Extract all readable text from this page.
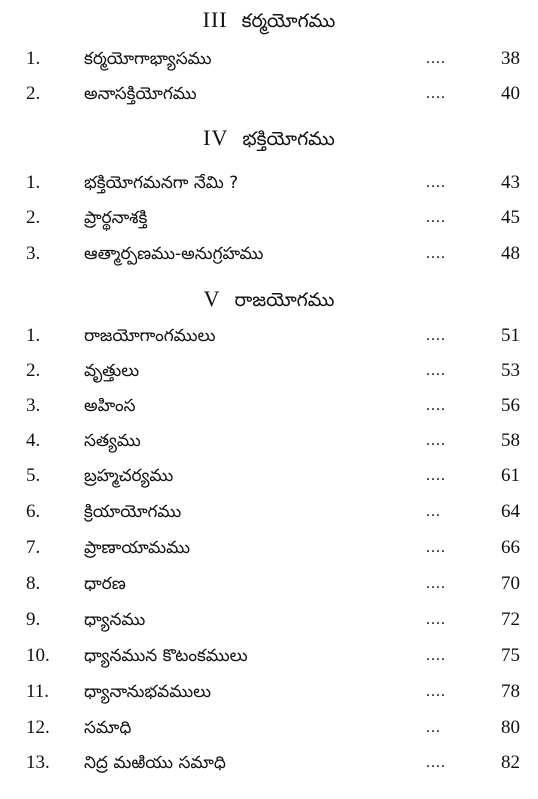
III కర్మయోగము
1.	కర్మయోగాభ్యాసము	....	38
2.	అనాసక్తియోగము	....	40
IV భక్తియోగము
1.	భక్తియోగమనగా నేమి ?	....	43
2.	ప్రార్థనాశక్తి	....	45
3.	ఆత్మార్పణము-అనుగ్రహము	....	48
V రాజయోగము
1.	రాజయోగాంగములు	....	51
2.	వృత్తులు	....	53
3.	అహింస	....	56
4.	సత్యము	....	58
5.	బ్రహ్మచర్యము	....	61
6.	క్రియాయోగము	...	64
7.	ప్రాణాయామము	....	66
8.	ధారణ	....	70
9.	ధ్యానము	....	72
10.	ధ్యానమున కొటంకములు	....	75
11.	ధ్యానానుభవములు	....	78
12.	సమాధి	...	80
13.	నిద్ర మఱియు సమాధి	....	82
